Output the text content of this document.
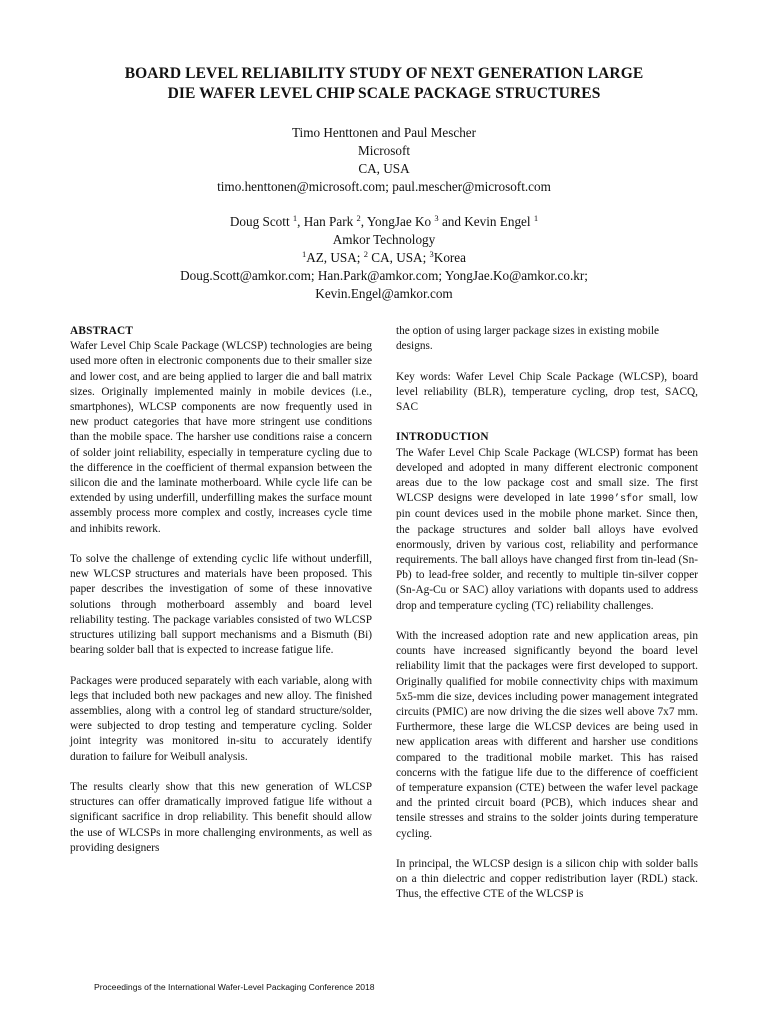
BOARD LEVEL RELIABILITY STUDY OF NEXT GENERATION LARGE
DIE WAFER LEVEL CHIP SCALE PACKAGE STRUCTURES
Timo Henttonen and Paul Mescher
Microsoft
CA, USA
timo.henttonen@microsoft.com; paul.mescher@microsoft.com
Doug Scott $^1$, Han Park $^2$, YongJae Ko $^3$ and Kevin Engel $^1$
Amkor Technology
$^1$AZ, USA; $^2$ CA, USA; $^3$Korea
Doug.Scott@amkor.com; Han.Park@amkor.com; YongJae.Ko@amkor.co.kr;
Kevin.Engel@amkor.com
ABSTRACT

Wafer Level Chip Scale Package (WLCSP) technologies are being used more often in electronic components due to their smaller size and lower cost, and are being applied to larger die and ball matrix sizes. Originally implemented mainly in mobile devices (i.e., smartphones), WLCSP components are now frequently used in new product categories that have more stringent use conditions than the mobile space. The harsher use conditions raise a concern of solder joint reliability, especially in temperature cycling due to the difference in the coefficient of thermal expansion between the silicon die and the laminate motherboard. While cycle life can be extended by using underfill, underfilling makes the surface mount assembly process more complex and costly, increases cycle time and inhibits rework.

To solve the challenge of extending cyclic life without underfill, new WLCSP structures and materials have been proposed. This paper describes the investigation of some of these innovative solutions through motherboard assembly and board level reliability testing. The package variables consisted of two WLCSP structures utilizing ball support mechanisms and a Bismuth (Bi) bearing solder ball that is expected to increase fatigue life.

Packages were produced separately with each variable, along with legs that included both new packages and new alloy. The finished assemblies, along with a control leg of standard structure/solder, were subjected to drop testing and temperature cycling. Solder joint integrity was monitored in-situ to accurately identify duration to failure for Weibull analysis.

The results clearly show that this new generation of WLCSP structures can offer dramatically improved fatigue life without a significant sacrifice in drop reliability. This benefit should allow the use of WLCSPs in more challenging environments, as well as providing designers

the option of using larger package sizes in existing mobile designs.

Key words: Wafer Level Chip Scale Package (WLCSP), board level reliability (BLR), temperature cycling, drop test, SACQ, SAC

INTRODUCTION

The Wafer Level Chip Scale Package (WLCSP) format has been developed and adopted in many different electronic component areas due to the low package cost and small size. The first WLCSP designs were developed in late 1990’sfor small, low pin count devices used in the mobile phone market. Since then, the package structures and solder ball alloys have evolved enormously, driven by various cost, reliability and performance requirements. The ball alloys have changed first from tin-lead (Sn-Pb) to lead-free solder, and recently to multiple tin-silver copper (Sn-Ag-Cu or SAC) alloy variations with dopants used to address drop and temperature cycling (TC) reliability challenges.

With the increased adoption rate and new application areas, pin counts have increased significantly beyond the board level reliability limit that the packages were first developed to support. Originally qualified for mobile connectivity chips with maximum 5x5-mm die size, devices including power management integrated circuits (PMIC) are now driving the die sizes well above 7x7 mm. Furthermore, these large die WLCSP devices are being used in new application areas with different and harsher use conditions compared to the traditional mobile market. This has raised concerns with the fatigue life due to the difference of coefficient of temperature expansion (CTE) between the wafer level package and the printed circuit board (PCB), which induces shear and tensile stresses and strains to the solder joints during temperature cycling.

In principal, the WLCSP design is a silicon chip with solder balls on a thin dielectric and copper redistribution layer (RDL) stack. Thus, the effective CTE of the WLCSP is

Proceedings of the International Wafer-Level Packaging Conference 2018
